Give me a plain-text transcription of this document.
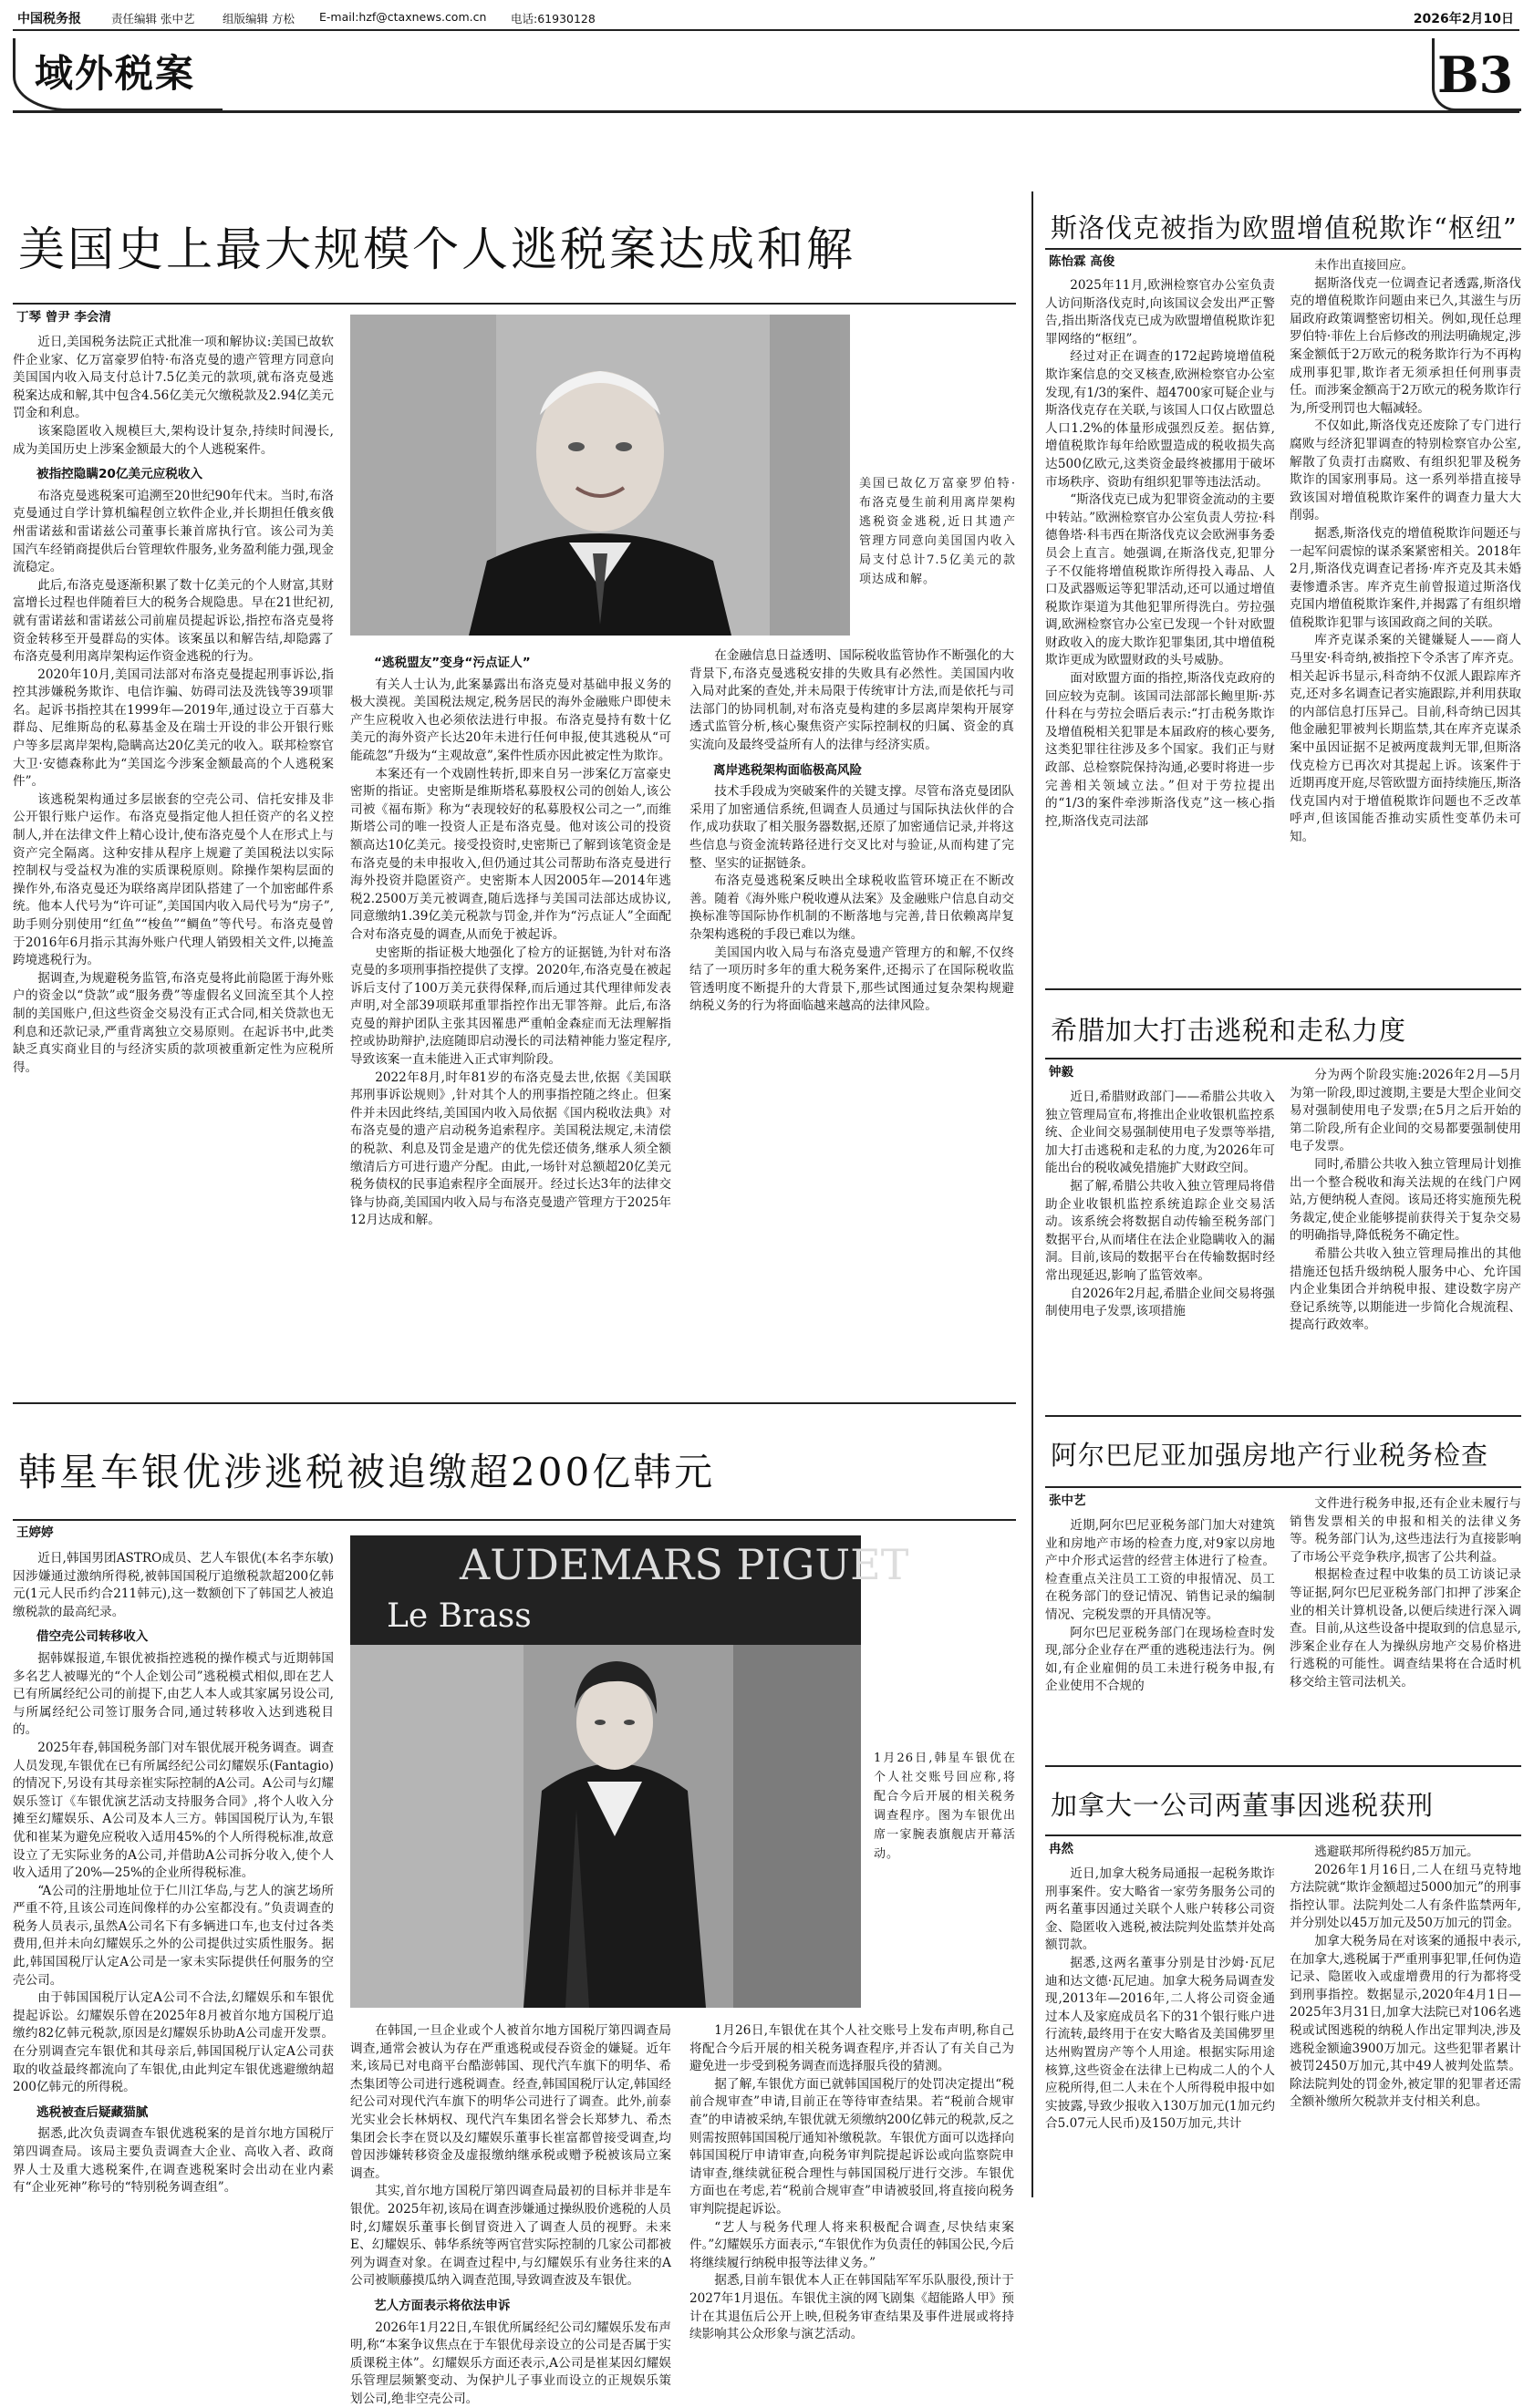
中国税务报	责任编辑 张中艺 组版编辑 方松 E-mail:hzf@ctaxnews.com.cn 电话:61930128	2026年2月10日
域外税案	B3
美国史上最大规模个人逃税案达成和解
丁琴 曾尹 李会清

近日,美国税务法院正式批准一项和解协议:美国已故软件企业家、亿万富豪罗伯特·布洛克曼的遗产管理方同意向美国国内收入局支付总计7.5亿美元的款项,就布洛克曼逃税案达成和解,其中包含4.56亿美元欠缴税款及2.94亿美元罚金和利息。

该案隐匿收入规模巨大,架构设计复杂,持续时间漫长,成为美国历史上涉案金额最大的个人逃税案件。

被指控隐瞒20亿美元应税收入

布洛克曼逃税案可追溯至20世纪90年代末。当时,布洛克曼通过自学计算机编程创立软件企业,并长期担任俄亥俄州雷诺兹和雷诺兹公司董事长兼首席执行官。该公司为美国汽车经销商提供后台管理软件服务,业务盈利能力强,现金流稳定。

此后,布洛克曼逐渐积累了数十亿美元的个人财富,其财富增长过程也伴随着巨大的税务合规隐患。早在21世纪初,就有雷诺兹和雷诺兹公司前雇员提起诉讼,指控布洛克曼将资金转移至开曼群岛的实体。该案虽以和解告结,却隐露了布洛克曼利用离岸架构运作资金逃税的行为。

2020年10月,美国司法部对布洛克曼提起刑事诉讼,指控其涉嫌税务欺诈、电信诈骗、妨碍司法及洗钱等39项罪名。起诉书指控其在1999年—2019年,通过设立于百慕大群岛、尼维斯岛的私募基金及在瑞士开设的非公开银行账户等多层离岸架构,隐瞒高达20亿美元的收入。联邦检察官大卫·安德森称此为“美国迄今涉案金额最高的个人逃税案件”。

该逃税架构通过多层嵌套的空壳公司、信托安排及非公开银行账户运作。布洛克曼指定他人担任资产的名义控制人,并在法律文件上精心设计,使布洛克曼个人在形式上与资产完全隔离。这种安排从程序上规避了美国税法以实际控制权与受益权为准的实质课税原则。除操作架构层面的操作外,布洛克曼还为联络离岸团队搭建了一个加密邮件系统。他本人代号为“许可证”,美国国内收入局代号为“房子”,助手则分别使用“红鱼”“梭鱼”“鲷鱼”等代号。布洛克曼曾于2016年6月指示其海外账户代理人销毁相关文件,以掩盖跨境逃税行为。

据调查,为规避税务监管,布洛克曼将此前隐匿于海外账户的资金以“贷款”或“服务费”等虚假名义回流至其个人控制的美国账户,但这些资金交易没有正式合同,相关贷款也无利息和还款记录,严重背离独立交易原则。在起诉书中,此类缺乏真实商业目的与经济实质的款项被重新定性为应税所得。

美国已故亿万富豪罗伯特·布洛克曼生前利用离岸架构逃税资金逃税,近日其遗产管理方同意向美国国内收入局支付总计7.5亿美元的款项达成和解。
“逃税盟友”变身“污点证人”

有关人士认为,此案暴露出布洛克曼对基础申报义务的极大漠视。美国税法规定,税务居民的海外金融账户即使未产生应税收入也必须依法进行申报。布洛克曼持有数十亿美元的海外资产长达20年未进行任何申报,使其逃税从“可能疏忽”升级为“主观故意”,案件性质亦因此被定性为欺诈。

本案还有一个戏剧性转折,即来自另一涉案亿万富豪史密斯的指证。史密斯是维斯塔私募股权公司的创始人,该公司被《福布斯》称为“表现较好的私募股权公司之一”,而维斯塔公司的唯一投资人正是布洛克曼。他对该公司的投资额高达10亿美元。接受投资时,史密斯已了解到该笔资金是布洛克曼的未申报收入,但仍通过其公司帮助布洛克曼进行海外投资并隐匿资产。史密斯本人因2005年—2014年逃税2.2500万美元被调查,随后选择与美国司法部达成协议,同意缴纳1.39亿美元税款与罚金,并作为“污点证人”全面配合对布洛克曼的调查,从而免于被起诉。

史密斯的指证极大地强化了检方的证据链,为针对布洛克曼的多项刑事指控提供了支撑。2020年,布洛克曼在被起诉后支付了100万美元获得保释,而后通过其代理律师发表声明,对全部39项联邦重罪指控作出无罪答辩。此后,布洛克曼的辩护团队主张其因罹患严重帕金森症而无法理解指控或协助辩护,法庭随即启动漫长的司法精神能力鉴定程序,导致该案一直未能进入正式审判阶段。

2022年8月,时年81岁的布洛克曼去世,依据《美国联邦刑事诉讼规则》,针对其个人的刑事指控随之终止。但案件并未因此终结,美国国内收入局依据《国内税收法典》对布洛克曼的遗产启动税务追索程序。美国税法规定,未清偿的税款、利息及罚金是遗产的优先偿还债务,继承人须全额缴清后方可进行遗产分配。由此,一场针对总额超20亿美元税务债权的民事追索程序全面展开。经过长达3年的法律交锋与协商,美国国内收入局与布洛克曼遗产管理方于2025年12月达成和解。

在金融信息日益透明、国际税收监管协作不断强化的大背景下,布洛克曼逃税安排的失败具有必然性。美国国内收入局对此案的查处,并未局限于传统审计方法,而是依托与司法部门的协同机制,对布洛克曼构建的多层离岸架构开展穿透式监管分析,核心聚焦资产实际控制权的归属、资金的真实流向及最终受益所有人的法律与经济实质。

离岸逃税架构面临极高风险

技术手段成为突破案件的关键支撑。尽管布洛克曼团队采用了加密通信系统,但调查人员通过与国际执法伙伴的合作,成功获取了相关服务器数据,还原了加密通信记录,并将这些信息与资金流转路径进行交叉比对与验证,从而构建了完整、坚实的证据链条。

布洛克曼逃税案反映出全球税收监管环境正在不断改善。随着《海外账户税收遵从法案》及金融账户信息自动交换标准等国际协作机制的不断落地与完善,昔日依赖离岸复杂架构逃税的手段已难以为继。

美国国内收入局与布洛克曼遗产管理方的和解,不仅终结了一项历时多年的重大税务案件,还揭示了在国际税收监管透明度不断提升的大背景下,那些试图通过复杂架构规避纳税义务的行为将面临越来越高的法律风险。

韩星车银优涉逃税被追缴超200亿韩元
王婷婷

近日,韩国男团ASTRO成员、艺人车银优(本名李东敏)因涉嫌通过激纳所得税,被韩国国税厅追缴税款超200亿韩元(1元人民币约合211韩元),这一数额创下了韩国艺人被追缴税款的最高纪录。

借空壳公司转移收入

据韩媒报道,车银优被指控逃税的操作模式与近期韩国多名艺人被曝光的“个人企划公司”逃税模式相似,即在艺人已有所属经纪公司的前提下,由艺人本人或其家属另设公司,与所属经纪公司签订服务合同,通过转移收入达到逃税目的。

2025年春,韩国税务部门对车银优展开税务调查。调查人员发现,车银优在已有所属经纪公司幻耀娱乐(Fantagio)的情况下,另设有其母亲崔实际控制的A公司。A公司与幻耀娱乐签订《车银优演艺活动支持服务合同》,将个人收入分摊至幻耀娱乐、A公司及本人三方。韩国国税厅认为,车银优和崔某为避免应税收入适用45%的个人所得税标准,故意设立了无实际业务的A公司,并借助A公司拆分收入,使个人收入适用了20%—25%的企业所得税标准。

“A公司的注册地址位于仁川江华岛,与艺人的演艺场所严重不符,且该公司连间像样的办公室都没有。”负责调查的税务人员表示,虽然A公司名下有多辆进口车,也支付过各类费用,但并未向幻耀娱乐之外的公司提供过实质性服务。据此,韩国国税厅认定A公司是一家未实际提供任何服务的空壳公司。

由于韩国国税厅认定A公司不合法,幻耀娱乐和车银优提起诉讼。幻耀娱乐曾在2025年8月被首尔地方国税厅追缴约82亿韩元税款,原因是幻耀娱乐协助A公司虚开发票。在分别调查完车银优和其母亲后,韩国国税厅认定A公司获取的收益最终都流向了车银优,由此判定车银优逃避缴纳超200亿韩元的所得税。

逃税被查后疑藏猫腻

据悉,此次负责调查车银优逃税案的是首尔地方国税厅第四调查局。该局主要负责调查大企业、高收入者、政商界人士及重大逃税案件,在调查逃税案时会出动在业内素有“企业死神”称号的“特别税务调查组”。

AUDEMARS PIGUET
Le Brass
1月26日,韩星车银优在个人社交账号回应称,将配合今后开展的相关税务调查程序。图为车银优出席一家腕表旗舰店开幕活动。

在韩国,一旦企业或个人被首尔地方国税厅第四调查局调查,通常会被认为存在严重逃税或侵吞资金的嫌疑。近年来,该局已对电商平台酷澎韩国、现代汽车旗下的明华、希杰集团等公司进行逃税调查。经查,韩国国税厅认定,韩国经纪公司对现代汽车旗下的明华公司进行了调查。此外,前泰光实业会长林炳权、现代汽车集团名誉会长郑梦九、希杰集团会长李在贤以及幻耀娱乐董事长崔富都曾接受调查,均曾因涉嫌转移资金及虚报缴纳继承税或赠予税被该局立案调查。

其实,首尔地方国税厅第四调查局最初的目标并非是车银优。2025年初,该局在调查涉嫌通过操纵股价逃税的人员时,幻耀娱乐董事长倒冒资进入了调查人员的视野。未来E、幻耀娱乐、韩华系统等两官营实际控制的几家公司都被列为调查对象。在调查过程中,与幻耀娱乐有业务往来的A公司被顺藤摸瓜纳入调查范围,导致调查波及车银优。

艺人方面表示将依法申诉

2026年1月22日,车银优所属经纪公司幻耀娱乐发布声明,称“本案争议焦点在于车银优母亲设立的公司是否属于实质课税主体”。幻耀娱乐方面还表示,A公司是崔某因幻耀娱乐管理层频繁变动、为保护儿子事业而设立的正规娱乐策划公司,绝非空壳公司。

1月26日,车银优在其个人社交账号上发布声明,称自己将配合今后开展的相关税务调查程序,并否认了有关自己为避免进一步受到税务调查而选择服兵役的猜测。

据了解,车银优方面已就韩国国税厅的处罚决定提出“税前合规审查”申请,目前正在等待审查结果。若“税前合规审查”的申请被采纳,车银优就无须缴纳200亿韩元的税款,反之则需按照韩国国税厅通知补缴税款。车银优方面可以选择向韩国国税厅申请审查,向税务审判院提起诉讼或向监察院申请审查,继续就征税合理性与韩国国税厅进行交涉。车银优方面也在考虑,若“税前合规审查”申请被驳回,将直接向税务审判院提起诉讼。

“艺人与税务代理人将来积极配合调查,尽快结束案件。”幻耀娱乐方面表示,“车银优作为负责任的韩国公民,今后将继续履行纳税申报等法律义务。”

据悉,目前车银优本人正在韩国陆军军乐队服役,预计于2027年1月退伍。车银优主演的网飞剧集《超能路人甲》预计在其退伍后公开上映,但税务审查结果及事件进展或将持续影响其公众形象与演艺活动。

斯洛伐克被指为欧盟增值税欺诈“枢纽”
陈怡霖 高俊

2025年11月,欧洲检察官办公室负责人访问斯洛伐克时,向该国议会发出严正警告,指出斯洛伐克已成为欧盟增值税欺诈犯罪网络的“枢纽”。

经过对正在调查的172起跨境增值税欺诈案信息的交叉核查,欧洲检察官办公室发现,有1/3的案件、超4700家可疑企业与斯洛伐克存在关联,与该国人口仅占欧盟总人口1.2%的体量形成强烈反差。据估算,增值税欺诈每年给欧盟造成的税收损失高达500亿欧元,这类资金最终被挪用于破坏市场秩序、资助有组织犯罪等违法活动。

“斯洛伐克已成为犯罪资金流动的主要中转站。”欧洲检察官办公室负责人劳拉·科德鲁塔·科韦西在斯洛伐克议会欧洲事务委员会上直言。她强调,在斯洛伐克,犯罪分子不仅能将增值税欺诈所得投入毒品、人口及武器贩运等犯罪活动,还可以通过增值税欺诈渠道为其他犯罪所得洗白。劳拉强调,欧洲检察官办公室已发现一个针对欧盟财政收入的庞大欺诈犯罪集团,其中增值税欺诈更成为欧盟财政的头号威胁。

面对欧盟方面的指控,斯洛伐克政府的回应较为克制。该国司法部部长鲍里斯·苏什科在与劳拉会晤后表示:“打击税务欺诈及增值税相关犯罪是本届政府的核心要务,这类犯罪往往涉及多个国家。我们正与财政部、总检察院保持沟通,必要时将进一步完善相关领域立法。”但对于劳拉提出的“1/3的案件牵涉斯洛伐克”这一核心指控,斯洛伐克司法部

未作出直接回应。

据斯洛伐克一位调查记者透露,斯洛伐克的增值税欺诈问题由来已久,其滋生与历届政府政策调整密切相关。例如,现任总理罗伯特·菲佐上台后修改的刑法明确规定,涉案金额低于2万欧元的税务欺诈行为不再构成刑事犯罪,欺诈者无须承担任何刑事责任。而涉案金额高于2万欧元的税务欺诈行为,所受刑罚也大幅减轻。

不仅如此,斯洛伐克还废除了专门进行腐败与经济犯罪调查的特别检察官办公室,解散了负责打击腐败、有组织犯罪及税务欺诈的国家刑事局。这一系列举措直接导致该国对增值税欺诈案件的调查力量大大削弱。

据悉,斯洛伐克的增值税欺诈问题还与一起军问震惊的谋杀案紧密相关。2018年2月,斯洛伐克调查记者扬·库齐克及其未婚妻惨遭杀害。库齐克生前曾报道过斯洛伐克国内增值税欺诈案件,并揭露了有组织增值税欺诈犯罪与该国政商之间的关联。

库齐克谋杀案的关键嫌疑人——商人马里安·科奇纳,被指控下令杀害了库齐克。相关起诉书显示,科奇纳不仅派人跟踪库齐克,还对多名调查记者实施跟踪,并利用获取的内部信息打压异己。目前,科奇纳已因其他金融犯罪被判长期监禁,其在库齐克谋杀案中虽因证据不足被两度裁判无罪,但斯洛伐克检方已再次对其提起上诉。该案件于近期再度开庭,尽管欧盟方面持续施压,斯洛伐克国内对于增值税欺诈问题也不乏改革呼声,但该国能否推动实质性变革仍未可知。

希腊加大打击逃税和走私力度
钟毅

近日,希腊财政部门——希腊公共收入独立管理局宣布,将推出企业收银机监控系统、企业间交易强制使用电子发票等举措,加大打击逃税和走私的力度,为2026年可能出台的税收减免措施扩大财政空间。

据了解,希腊公共收入独立管理局将借助企业收银机监控系统追踪企业交易活动。该系统会将数据自动传输至税务部门数据平台,从而堵住在法企业隐瞒收入的漏洞。目前,该局的数据平台在传输数据时经常出现延迟,影响了监管效率。

自2026年2月起,希腊企业间交易将强制使用电子发票,该项措施

分为两个阶段实施:2026年2月—5月为第一阶段,即过渡期,主要是大型企业间交易对强制使用电子发票;在5月之后开始的第二阶段,所有企业间的交易都要强制使用电子发票。

同时,希腊公共收入独立管理局计划推出一个整合税收和海关法规的在线门户网站,方便纳税人查阅。该局还将实施预先税务裁定,使企业能够提前获得关于复杂交易的明确指导,降低税务不确定性。

希腊公共收入独立管理局推出的其他措施还包括升级纳税人服务中心、允许国内企业集团合并纳税申报、建设数字房产登记系统等,以期能进一步简化合规流程、提高行政效率。

阿尔巴尼亚加强房地产行业税务检查
张中艺

近期,阿尔巴尼亚税务部门加大对建筑业和房地产市场的检查力度,对9家以房地产中介形式运营的经营主体进行了检查。检查重点关注员工工资的申报情况、员工在税务部门的登记情况、销售记录的编制情况、完税发票的开具情况等。

阿尔巴尼亚税务部门在现场检查时发现,部分企业存在严重的逃税违法行为。例如,有企业雇佣的员工未进行税务申报,有企业使用不合规的

文件进行税务申报,还有企业未履行与销售发票相关的申报和相关的法律义务等。税务部门认为,这些违法行为直接影响了市场公平竞争秩序,损害了公共利益。

根据检查过程中收集的员工访谈记录等证据,阿尔巴尼亚税务部门扣押了涉案企业的相关计算机设备,以便后续进行深入调查。目前,从这些设备中提取到的信息显示,涉案企业存在人为操纵房地产交易价格进行逃税的可能性。调查结果将在合适时机移交给主管司法机关。

加拿大一公司两董事因逃税获刑
冉然

近日,加拿大税务局通报一起税务欺诈刑事案件。安大略省一家劳务服务公司的两名董事因通过关联个人账户转移公司资金、隐匿收入逃税,被法院判处监禁并处高额罚款。

据悉,这两名董事分别是甘沙姆·瓦尼迪和达文德·瓦尼迪。加拿大税务局调查发现,2013年—2016年,二人将公司资金通过本人及家庭成员名下的31个银行账户进行流转,最终用于在安大略省及美国佛罗里达州购置房产等个人用途。根据实际用途核算,这些资金在法律上已构成二人的个人应税所得,但二人未在个人所得税申报中如实披露,导致少报收入130万加元(1加元约合5.07元人民币)及150万加元,共计

逃避联邦所得税约85万加元。

2026年1月16日,二人在纽马克特地方法院就“欺诈金额超过5000加元”的刑事指控认罪。法院判处二人有条件监禁两年,并分别处以45万加元及50万加元的罚金。

加拿大税务局在对该案的通报中表示,在加拿大,逃税属于严重刑事犯罪,任何伪造记录、隐匿收入或虚增费用的行为都将受到刑事指控。数据显示,2020年4月1日—2025年3月31日,加拿大法院已对106名逃税或试图逃税的纳税人作出定罪判决,涉及逃税金额逾3900万加元。这些犯罪者累计被罚2450万加元,其中49人被判处监禁。除法院判处的罚金外,被定罪的犯罪者还需全额补缴所欠税款并支付相关利息。
